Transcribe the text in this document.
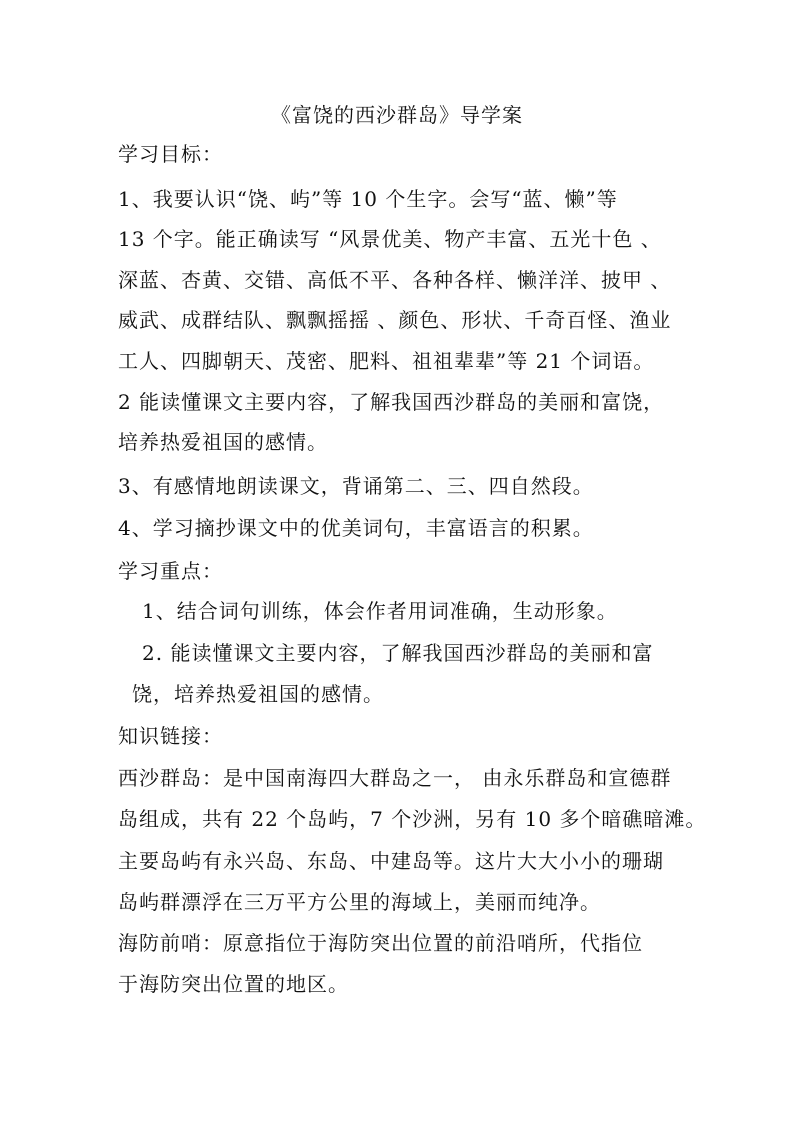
《富饶的西沙群岛》导学案
学习目标：
1、我要认识“饶、屿”等 10 个生字。会写“蓝、懒”等
13 个字。能正确读写 “风景优美、物产丰富、五光十色 、
深蓝、杏黄、交错、高低不平、各种各样、懒洋洋、披甲 、
威武、成群结队、飘飘摇摇 、颜色、形状、千奇百怪、渔业
工人、四脚朝天、茂密、肥料、祖祖辈辈”等 21 个词语。
2 能读懂课文主要内容，了解我国西沙群岛的美丽和富饶，
培养热爱祖国的感情。
3、有感情地朗读课文，背诵第二、三、四自然段。
4、学习摘抄课文中的优美词句，丰富语言的积累。
学习重点：
1、结合词句训练，体会作者用词准确，生动形象。
2. 能读懂课文主要内容，了解我国西沙群岛的美丽和富
饶，培养热爱祖国的感情。
知识链接：
西沙群岛：是中国南海四大群岛之一， 由永乐群岛和宣德群
岛组成，共有 22 个岛屿，7 个沙洲，另有 10 多个暗礁暗滩。
主要岛屿有永兴岛、东岛、中建岛等。这片大大小小的珊瑚
岛屿群漂浮在三万平方公里的海域上，美丽而纯净。
海防前哨：原意指位于海防突出位置的前沿哨所，代指位
于海防突出位置的地区。
